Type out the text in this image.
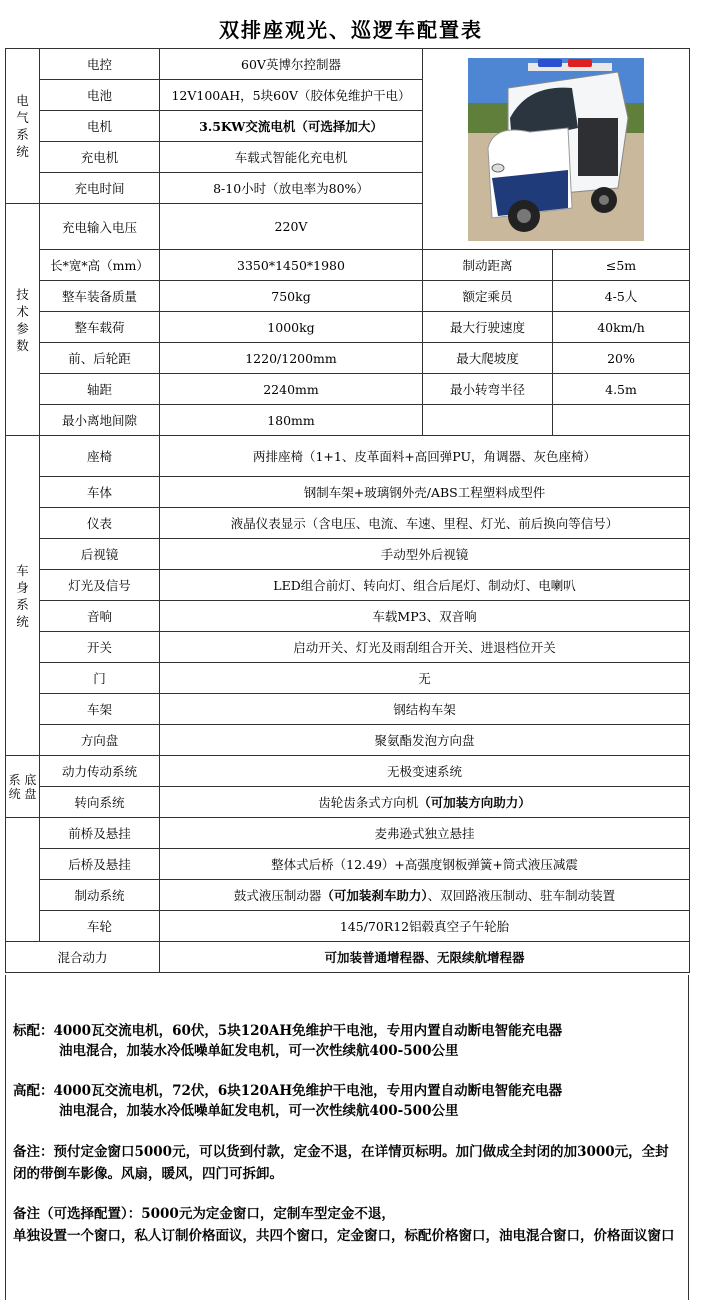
双排座观光、巡逻车配置表
电
气
系
统	电控	60V英博尔控制器	

	电池	12V100AH，5块60V（胶体免维护干电）		
	电机	3.5KW交流电机（可选择加大）		
	充电机	车载式智能化充电机		
	充电时间	8-10小时（放电率为80%）		
技
术
参
数	充电输入电压	220V		

	长*宽*高（mm）	3350*1450*1980	制动距离	≤5m
	整车装备质量	750kg	额定乘员	4-5人
	整车载荷	1000kg	最大行驶速度	40km/h
	前、后轮距	1220/1200mm	最大爬坡度	20%
	轴距	2240mm	最小转弯半径	4.5m
	最小离地间隙	180mm		
车
身
系
统	座椅	两排座椅（1+1、皮革面料+高回弹PU，角调器、灰色座椅）		
	车体	钢制车架+玻璃钢外壳/ABS工程塑料成型件		
	仪表	液晶仪表显示（含电压、电流、车速、里程、灯光、前后换向等信号）		
	后视镜	手动型外后视镜		
	灯光及信号	LED组合前灯、转向灯、组合后尾灯、制动灯、电喇叭		
	音响	车载MP3、双音响		
	开关	启动开关、灯光及雨刮组合开关、进退档位开关		
	门	无		
	车架	钢结构车架		
	方向盘	聚氨酯发泡方向盘		
系 底
统 盘	动力传动系统	无极变速系统		
	转向系统	齿轮齿条式方向机（可加装方向助力）		
	前桥及悬挂	麦弗逊式独立悬挂		
	后桥及悬挂	整体式后桥（12.49）+高强度钢板弹簧+筒式液压减震		
	制动系统	鼓式液压制动器（可加装刹车助力）、双回路液压制动、驻车制动装置		
	车轮	145/70R12铝毂真空子午轮胎		
混合动力		可加装普通增程器、无限续航增程器		
标配：4000瓦交流电机，60伏，5块120AH免维护干电池，专用内置自动断电智能充电器
油电混合，加装水冷低噪单缸发电机，可一次性续航400-500公里
高配：4000瓦交流电机，72伏，6块120AH免维护干电池，专用内置自动断电智能充电器
油电混合，加装水冷低噪单缸发电机，可一次性续航400-500公里
备注：预付定金窗口5000元，可以货到付款，定金不退，在详情页标明。加门做成全封闭的加3000元，全封闭的带倒车影像。风扇，暖风，四门可拆卸。
备注（可选择配置）：5000元为定金窗口，定制车型定金不退，
单独设置一个窗口，私人订制价格面议，共四个窗口，定金窗口，标配价格窗口，油电混合窗口，价格面议窗口
